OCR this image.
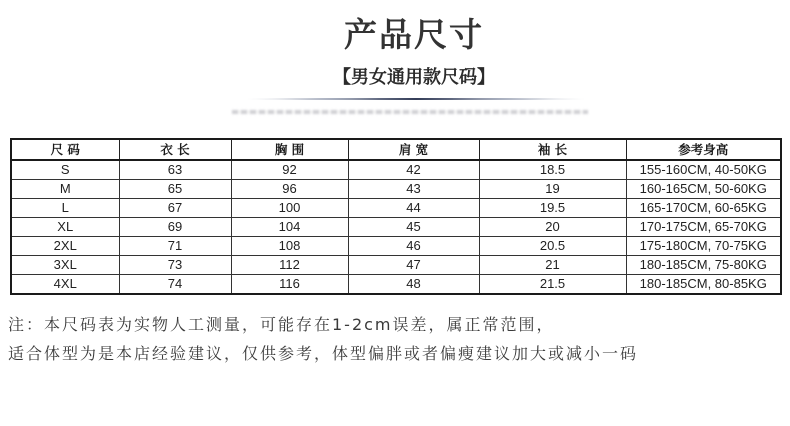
产品尺寸
【男女通用款尺码】
尺 码	衣 长	胸 围	肩 宽	袖 长	参考身高
S	63	92	42	18.5	155-160CM, 40-50KG
M	65	96	43	19	160-165CM, 50-60KG
L	67	100	44	19.5	165-170CM, 60-65KG
XL	69	104	45	20	170-175CM, 65-70KG
2XL	71	108	46	20.5	175-180CM, 70-75KG
3XL	73	112	47	21	180-185CM, 75-80KG
4XL	74	116	48	21.5	180-185CM, 80-85KG
注：本尺码表为实物人工测量，可能存在1-2cm误差，属正常范围，
适合体型为是本店经验建议，仅供参考，体型偏胖或者偏瘦建议加大或减小一码
